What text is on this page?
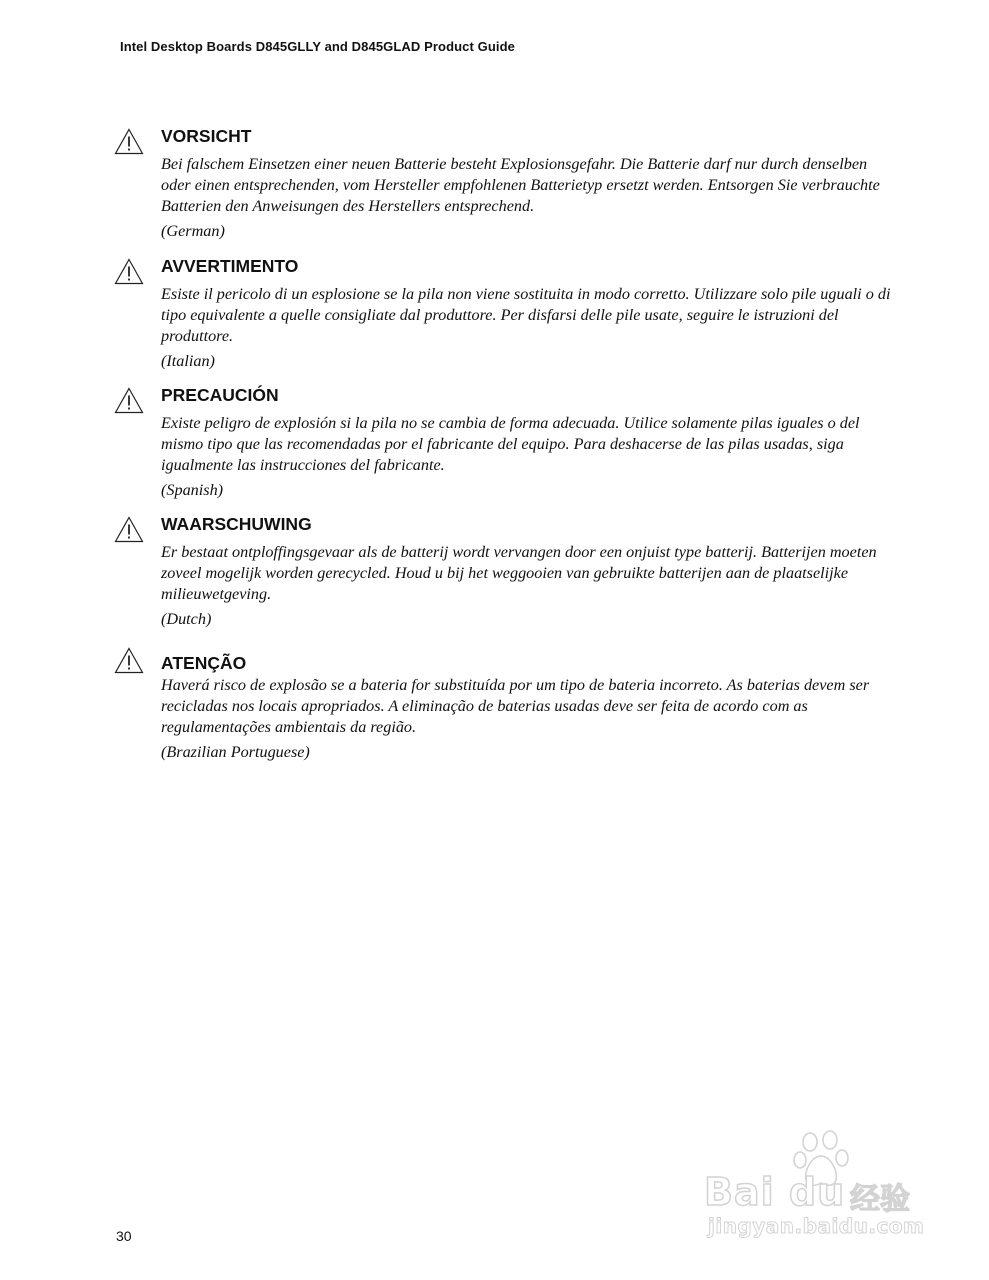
Intel Desktop Boards D845GLLY and D845GLAD Product Guide
VORSICHT
Bei falschem Einsetzen einer neuen Batterie besteht Explosionsgefahr. Die Batterie darf nur durch denselben oder einen entsprechenden, vom Hersteller empfohlenen Batterietyp ersetzt werden. Entsorgen Sie verbrauchte Batterien den Anweisungen des Herstellers entsprechend.
(German)
AVVERTIMENTO
Esiste il pericolo di un esplosione se la pila non viene sostituita in modo corretto. Utilizzare solo pile uguali o di tipo equivalente a quelle consigliate dal produttore. Per disfarsi delle pile usate, seguire le istruzioni del produttore.
(Italian)
PRECAUCIÓN
Existe peligro de explosión si la pila no se cambia de forma adecuada. Utilice solamente pilas iguales o del mismo tipo que las recomendadas por el fabricante del equipo. Para deshacerse de las pilas usadas, siga igualmente las instrucciones del fabricante.
(Spanish)
WAARSCHUWING
Er bestaat ontploffingsgevaar als de batterij wordt vervangen door een onjuist type batterij. Batterijen moeten zoveel mogelijk worden gerecycled. Houd u bij het weggooien van gebruikte batterijen aan de plaatselijke milieuwetgeving.
(Dutch)
ATENÇÃO
Haverá risco de explosão se a bateria for substituída por um tipo de bateria incorreto. As baterias devem ser recicladas nos locais apropriados. A eliminação de baterias usadas deve ser feita de acordo com as regulamentações ambientais da região.
(Brazilian Portuguese)
30
Bai du 经验
jingyan.baidu.com
